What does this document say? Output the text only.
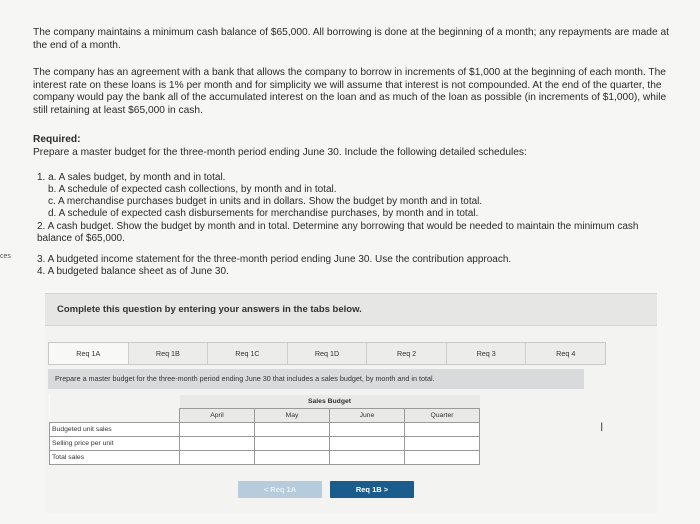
The company maintains a minimum cash balance of $65,000. All borrowing is done at the beginning of a month; any repayments are made at the end of a month.

The company has an agreement with a bank that allows the company to borrow in increments of $1,000 at the beginning of each month. The interest rate on these loans is 1% per month and for simplicity we will assume that interest is not compounded. At the end of the quarter, the company would pay the bank all of the accumulated interest on the loan and as much of the loan as possible (in increments of $1,000), while still retaining at least $65,000 in cash.

ces
Required:
Prepare a master budget for the three-month period ending June 30. Include the following detailed schedules:
1. a. A sales budget, by month and in total.
b. A schedule of expected cash collections, by month and in total.
c. A merchandise purchases budget in units and in dollars. Show the budget by month and in total.
d. A schedule of expected cash disbursements for merchandise purchases, by month and in total.
2. A cash budget. Show the budget by month and in total. Determine any borrowing that would be needed to maintain the minimum cash balance of $65,000.
3. A budgeted income statement for the three-month period ending June 30. Use the contribution approach.
4. A budgeted balance sheet as of June 30.
Complete this question by entering your answers in the tabs below.
Req 1A	Req 1B	Req 1C	Req 1D	Req 2	Req 3	Req 4
Prepare a master budget for the three-month period ending June 30 that includes a sales budget, by month and in total.
	Sales Budget			
	April	May	June	Quarter
Budgeted unit sales				
Selling price per unit				
Total sales				
< Req 1A	Req 1B >
I
